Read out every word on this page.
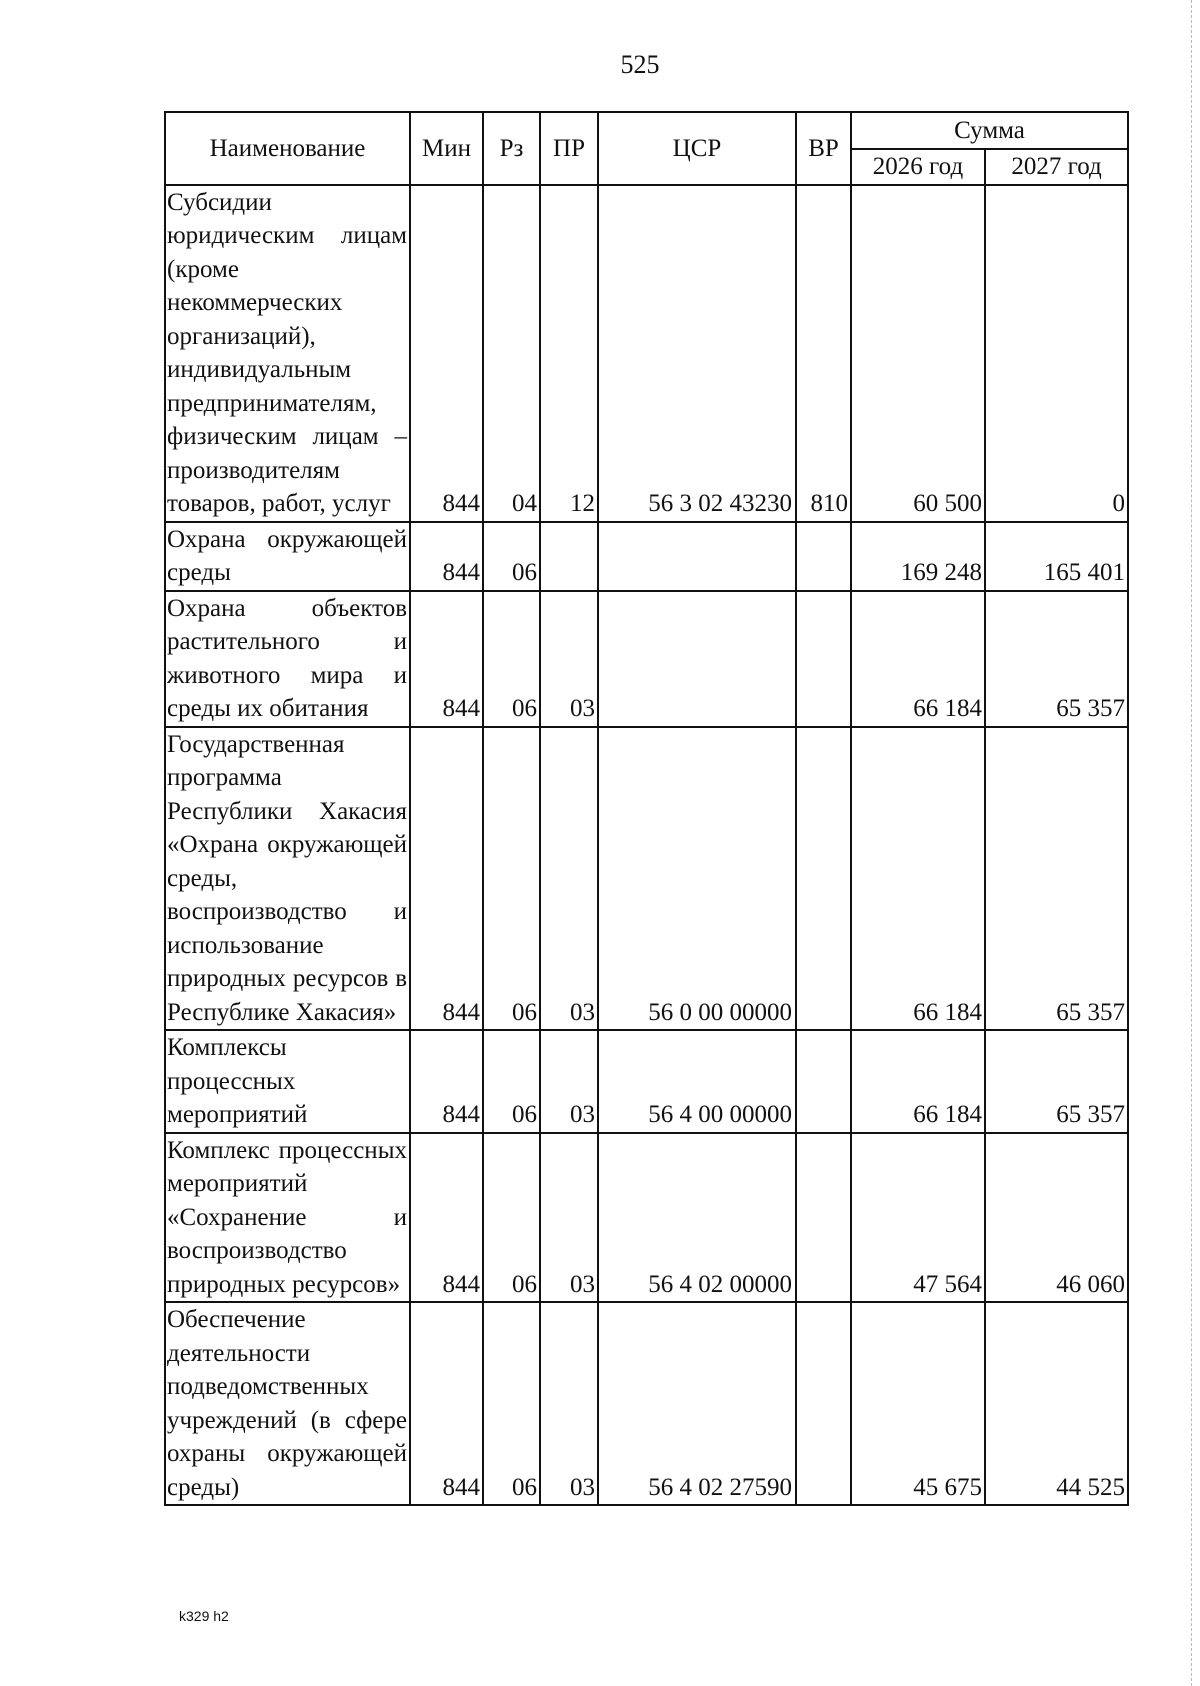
525
Наименование	Мин	Рз	ПР	ЦСР	ВР	Сумма	
						2026 год	2027 год
Субсидии юридическим лицам (кроме некоммерческих организаций), индивидуальным предпринимателям, физическим лицам – производителям товаров, работ, услуг	844	04	12	56 3 02 43230	810	60 500	0
Охрана окружающей среды	844	06				169 248	165 401
Охрана объектов растительного и животного мира и среды их обитания	844	06	03			66 184	65 357
Государственная программа Республики Хакасия «Охрана окружающей среды, воспроизводство и использование природных ресурсов в Республике Хакасия»	844	06	03	56 0 00 00000		66 184	65 357
Комплексы процессных мероприятий	844	06	03	56 4 00 00000		66 184	65 357
Комплекс процессных мероприятий «Сохранение и воспроизводство природных ресурсов»	844	06	03	56 4 02 00000		47 564	46 060
Обеспечение деятельности подведомственных учреждений (в сфере охраны окружающей среды)	844	06	03	56 4 02 27590		45 675	44 525
k329 h2
